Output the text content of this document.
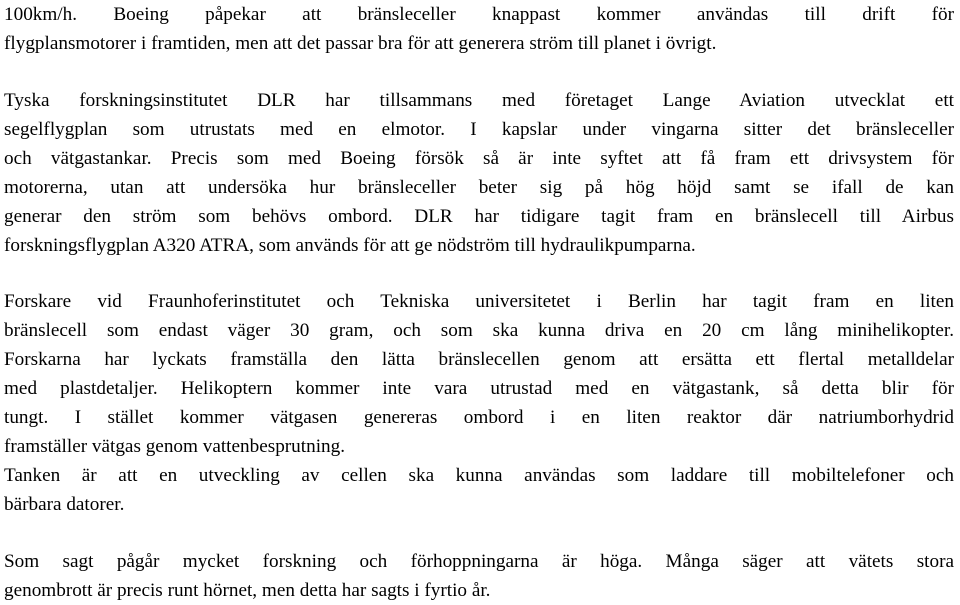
100km/h. Boeing påpekar att bränsleceller knappast kommer användas till drift för
flygplansmotorer i framtiden, men att det passar bra för att generera ström till planet i övrigt.
Tyska forskningsinstitutet DLR har tillsammans med företaget Lange Aviation utvecklat ett
segelflygplan som utrustats med en elmotor. I kapslar under vingarna sitter det bränsleceller
och vätgastankar. Precis som med Boeing försök så är inte syftet att få fram ett drivsystem för
motorerna, utan att undersöka hur bränsleceller beter sig på hög höjd samt se ifall de kan
generar den ström som behövs ombord. DLR har tidigare tagit fram en bränslecell till Airbus
forskningsflygplan A320 ATRA, som används för att ge nödström till hydraulikpumparna.
Forskare vid Fraunhoferinstitutet och Tekniska universitetet i Berlin har tagit fram en liten
bränslecell som endast väger 30 gram, och som ska kunna driva en 20 cm lång minihelikopter.
Forskarna har lyckats framställa den lätta bränslecellen genom att ersätta ett flertal metalldelar
med plastdetaljer. Helikoptern kommer inte vara utrustad med en vätgastank, så detta blir för
tungt. I stället kommer vätgasen genereras ombord i en liten reaktor där natriumborhydrid
framställer vätgas genom vattenbesprutning.
Tanken är att en utveckling av cellen ska kunna användas som laddare till mobiltelefoner och
bärbara datorer.
Som sagt pågår mycket forskning och förhoppningarna är höga. Många säger att vätets stora
genombrott är precis runt hörnet, men detta har sagts i fyrtio år.
